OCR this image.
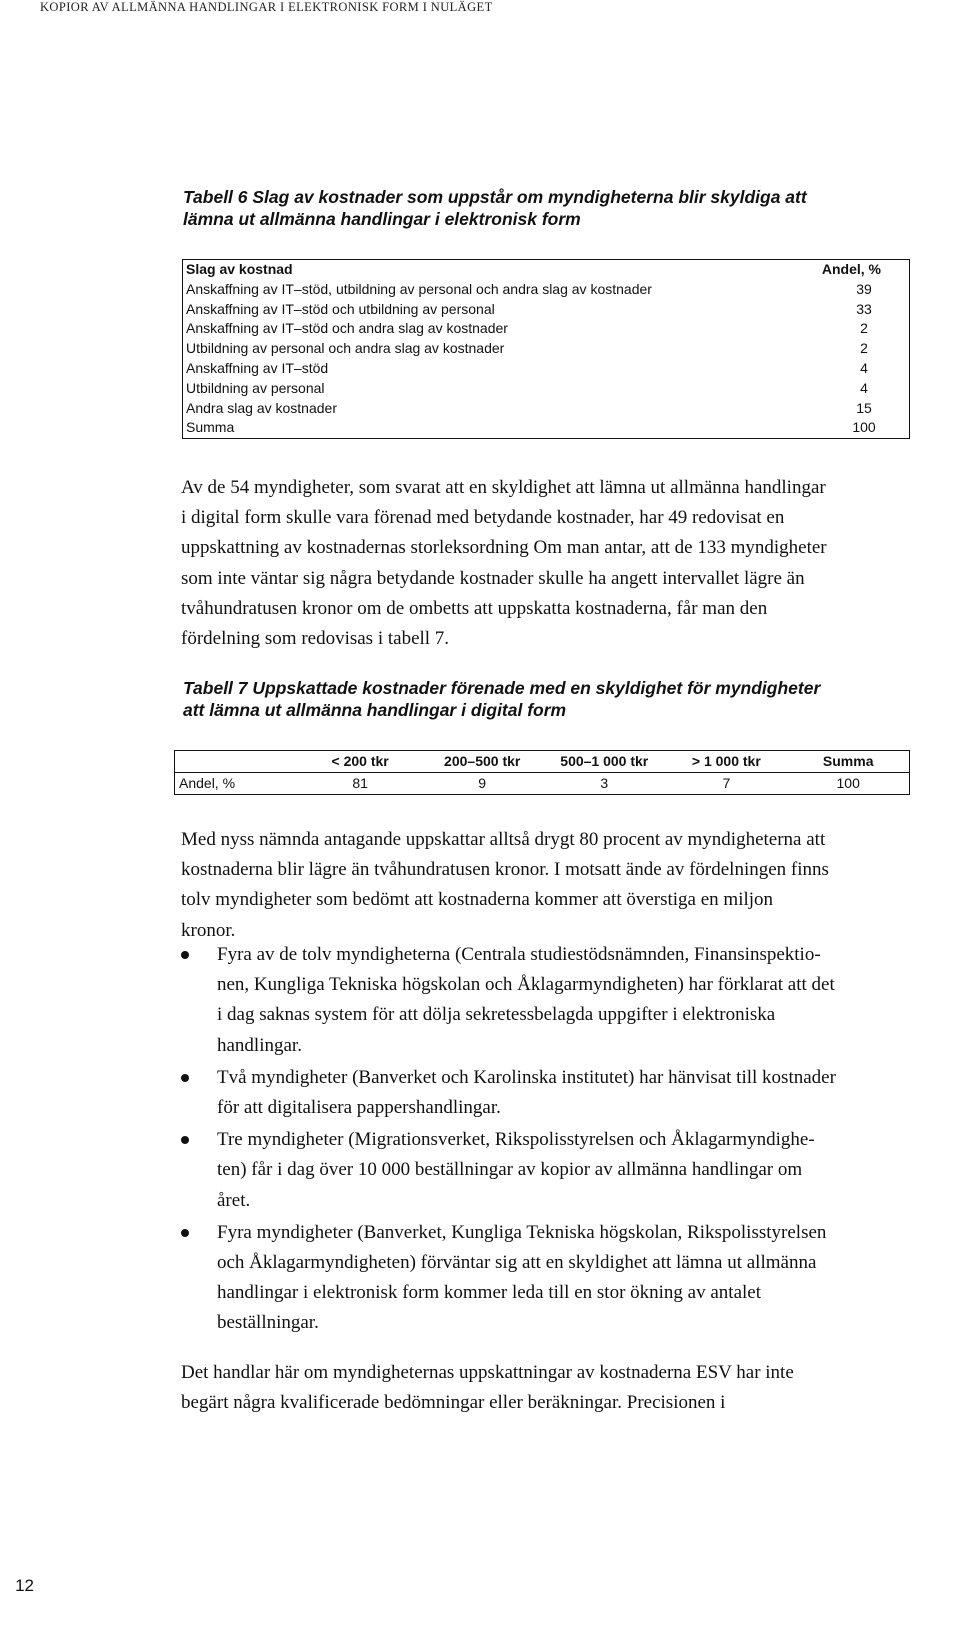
KOPIOR AV ALLMÄNNA HANDLINGAR I ELEKTRONISK FORM I NULÄGET
Tabell 6 Slag av kostnader som uppstår om myndigheterna blir skyldiga att
lämna ut allmänna handlingar i elektronisk form
Slag av kostnad	Andel, %
Anskaffning av IT–stöd, utbildning av personal och andra slag av kostnader	39
Anskaffning av IT–stöd och utbildning av personal	33
Anskaffning av IT–stöd och andra slag av kostnader	2
Utbildning av personal och andra slag av kostnader	2
Anskaffning av IT–stöd	4
Utbildning av personal	4
Andra slag av kostnader	15
Summa	100
Av de 54 myndigheter, som svarat att en skyldighet att lämna ut allmänna handlingar
i digital form skulle vara förenad med betydande kostnader, har 49 redovisat en
uppskattning av kostnadernas storleksordning Om man antar, att de 133 myndigheter
som inte väntar sig några betydande kostnader skulle ha angett intervallet lägre än
tvåhundratusen kronor om de ombetts att uppskatta kostnaderna, får man den
fördelning som redovisas i tabell 7.
Tabell 7 Uppskattade kostnader förenade med en skyldighet för myndigheter
att lämna ut allmänna handlingar i digital form
	< 200 tkr	200–500 tkr	500–1 000 tkr	> 1 000 tkr	Summa
Andel, %	81	9	3	7	100
Med nyss nämnda antagande uppskattar alltså drygt 80 procent av myndigheterna att
kostnaderna blir lägre än tvåhundratusen kronor. I motsatt ände av fördelningen finns
tolv myndigheter som bedömt att kostnaderna kommer att överstiga en miljon
kronor.
Fyra av de tolv myndigheterna (Centrala studiestödsnämnden, Finansinspektio-
nen, Kungliga Tekniska högskolan och Åklagarmyndigheten) har förklarat att det
i dag saknas system för att dölja sekretessbelagda uppgifter i elektroniska
handlingar.
Två myndigheter (Banverket och Karolinska institutet) har hänvisat till kostnader
för att digitalisera pappershandlingar.
Tre myndigheter (Migrationsverket, Rikspolisstyrelsen och Åklagarmyndighe-
ten) får i dag över 10 000 beställningar av kopior av allmänna handlingar om
året.
Fyra myndigheter (Banverket, Kungliga Tekniska högskolan, Rikspolisstyrelsen
och Åklagarmyndigheten) förväntar sig att en skyldighet att lämna ut allmänna
handlingar i elektronisk form kommer leda till en stor ökning av antalet
beställningar.
Det handlar här om myndigheternas uppskattningar av kostnaderna ESV har inte
begärt några kvalificerade bedömningar eller beräkningar. Precisionen i
12
